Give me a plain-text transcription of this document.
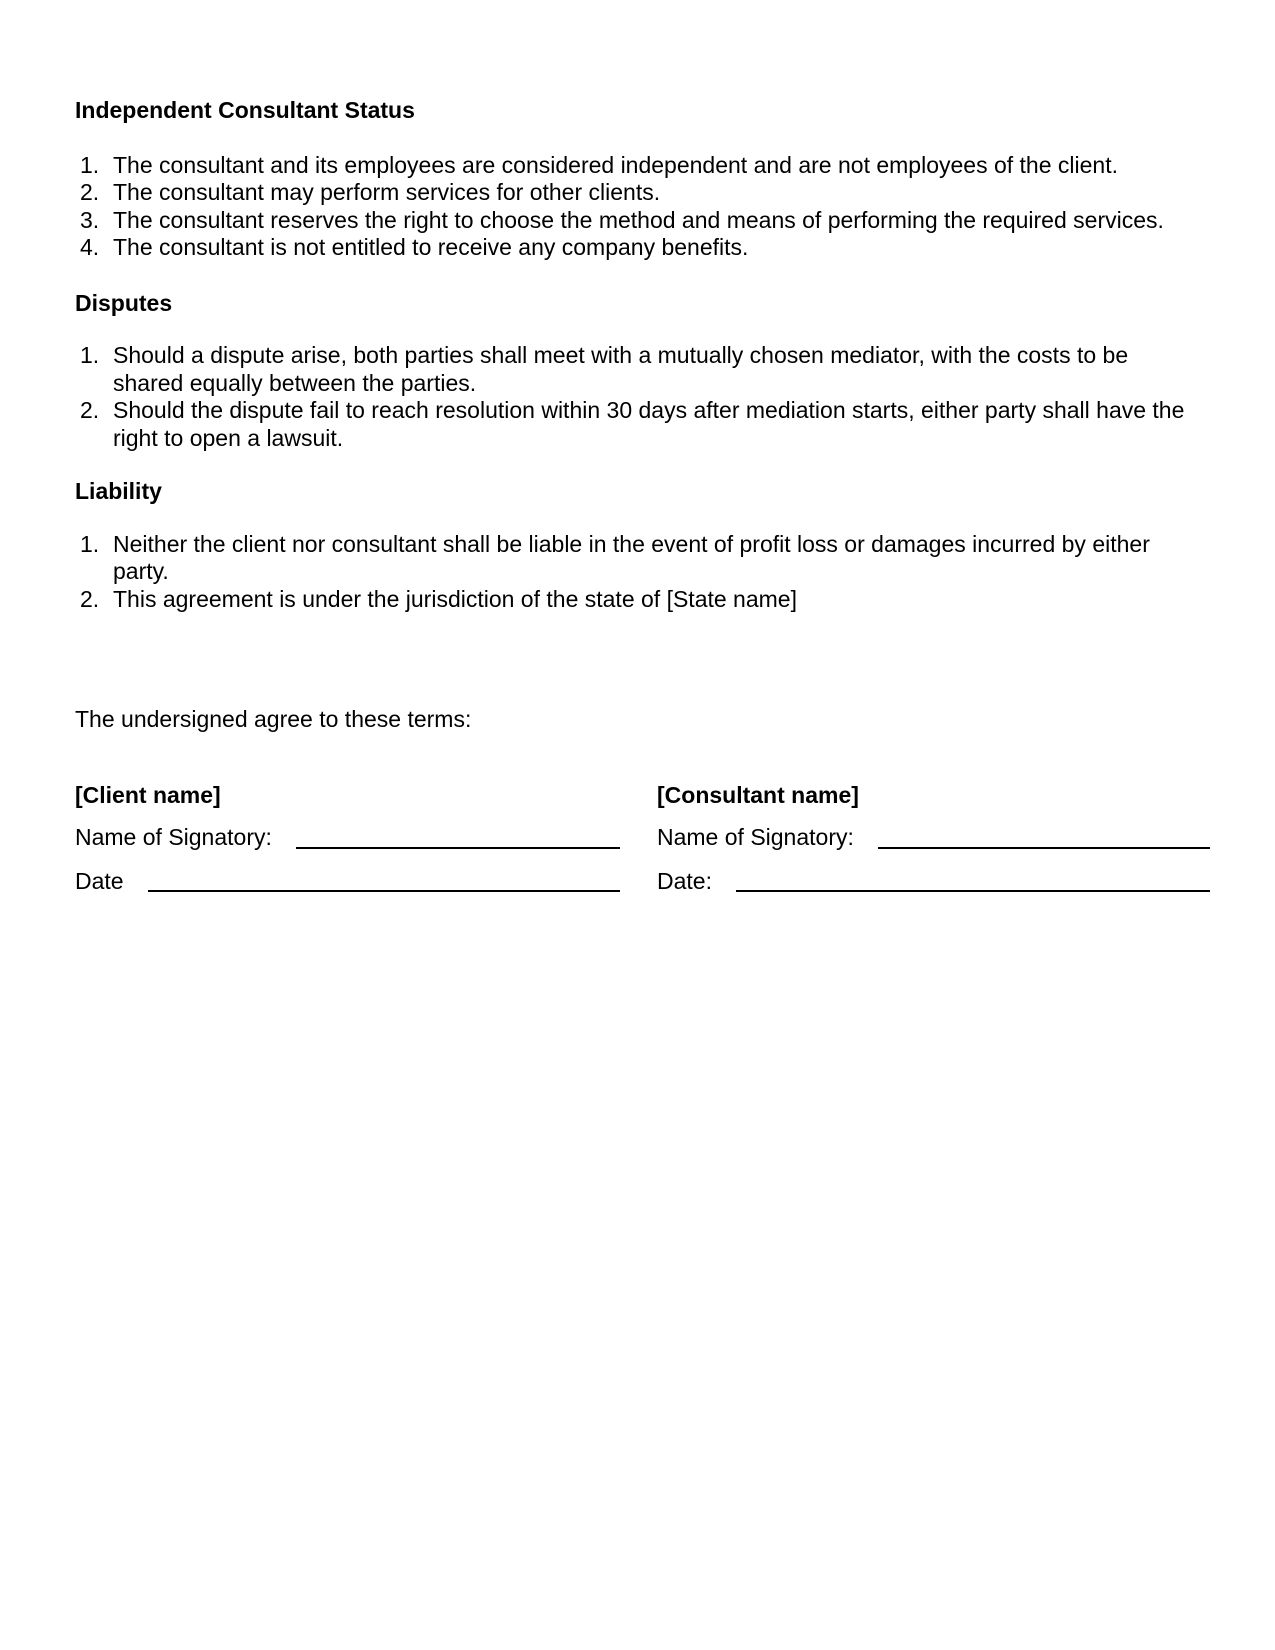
Independent Consultant Status
1. The consultant and its employees are considered independent and are not employees of the client.
2. The consultant may perform services for other clients.
3. The consultant reserves the right to choose the method and means of performing the required services.
4. The consultant is not entitled to receive any company benefits.
Disputes
1. Should a dispute arise, both parties shall meet with a mutually chosen mediator, with the costs to be shared equally between the parties.
2. Should the dispute fail to reach resolution within 30 days after mediation starts, either party shall have the right to open a lawsuit.
Liability
1. Neither the client nor consultant shall be liable in the event of profit loss or damages incurred by either party.
2. This agreement is under the jurisdiction of the state of [State name]

The undersigned agree to these terms:

[Client name]
Name of Signatory:
Date
[Consultant name]
Name of Signatory:
Date:
